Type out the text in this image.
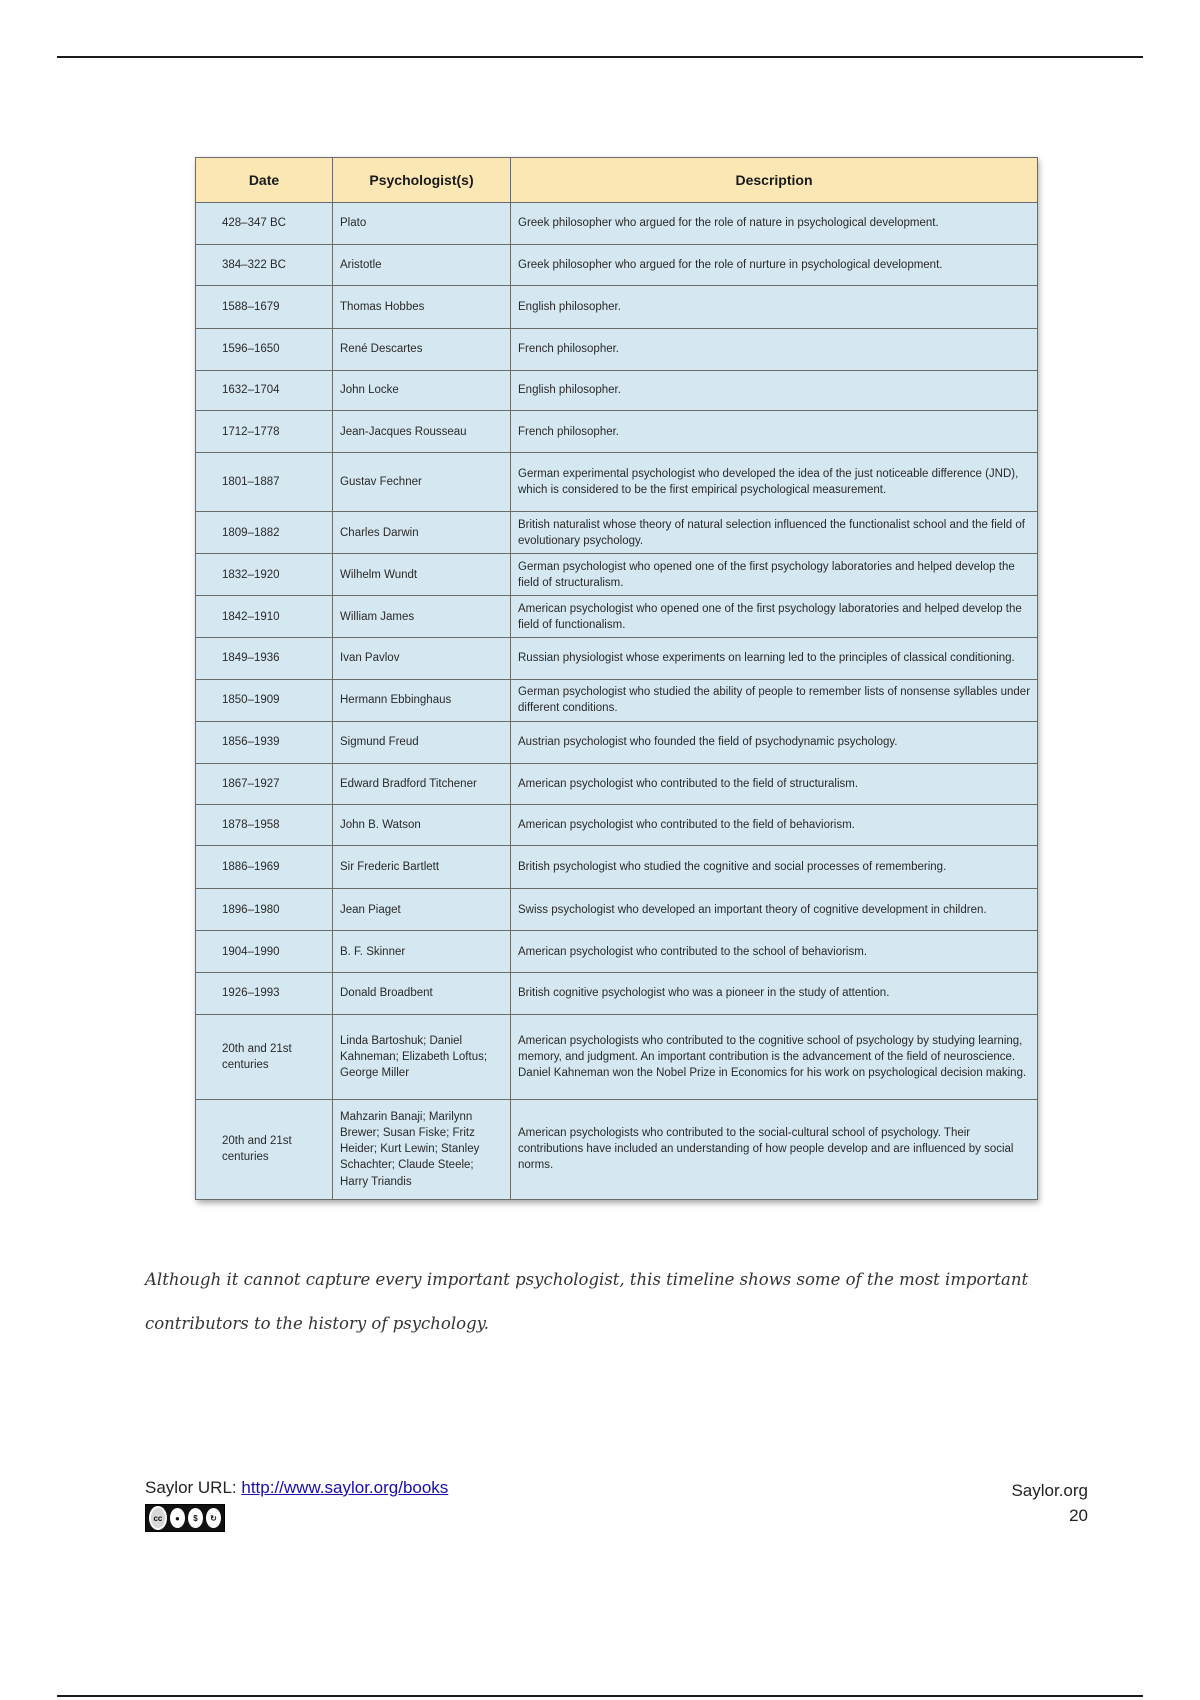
Date	Psychologist(s)	Description
428–347 BC	Plato	Greek philosopher who argued for the role of nature in psychological development.
384–322 BC	Aristotle	Greek philosopher who argued for the role of nurture in psychological development.
1588–1679	Thomas Hobbes	English philosopher.
1596–1650	René Descartes	French philosopher.
1632–1704	John Locke	English philosopher.
1712–1778	Jean-Jacques Rousseau	French philosopher.
1801–1887	Gustav Fechner	German experimental psychologist who developed the idea of the just noticeable difference (JND), which is considered to be the first empirical psychological measurement.
1809–1882	Charles Darwin	British naturalist whose theory of natural selection influenced the functionalist school and the field of evolutionary psychology.
1832–1920	Wilhelm Wundt	German psychologist who opened one of the first psychology laboratories and helped develop the field of structuralism.
1842–1910	William James	American psychologist who opened one of the first psychology laboratories and helped develop the field of functionalism.
1849–1936	Ivan Pavlov	Russian physiologist whose experiments on learning led to the principles of classical conditioning.
1850–1909	Hermann Ebbinghaus	German psychologist who studied the ability of people to remember lists of nonsense syllables under different conditions.
1856–1939	Sigmund Freud	Austrian psychologist who founded the field of psychodynamic psychology.
1867–1927	Edward Bradford Titchener	American psychologist who contributed to the field of structuralism.
1878–1958	John B. Watson	American psychologist who contributed to the field of behaviorism.
1886–1969	Sir Frederic Bartlett	British psychologist who studied the cognitive and social processes of remembering.
1896–1980	Jean Piaget	Swiss psychologist who developed an important theory of cognitive development in children.
1904–1990	B. F. Skinner	American psychologist who contributed to the school of behaviorism.
1926–1993	Donald Broadbent	British cognitive psychologist who was a pioneer in the study of attention.
20th and 21st centuries	Linda Bartoshuk; Daniel Kahneman; Elizabeth Loftus; George Miller	American psychologists who contributed to the cognitive school of psychology by studying learning, memory, and judgment. An important contribution is the advancement of the field of neuroscience. Daniel Kahneman won the Nobel Prize in Economics for his work on psychological decision making.
20th and 21st centuries	Mahzarin Banaji; Marilynn Brewer; Susan Fiske; Fritz Heider; Kurt Lewin; Stanley Schachter; Claude Steele; Harry Triandis	American psychologists who contributed to the social-cultural school of psychology. Their contributions have included an understanding of how people develop and are influenced by social norms.
Although it cannot capture every important psychologist, this timeline shows some of the most important contributors to the history of psychology.
Saylor URL: http://www.saylor.org/books
cc	●	$	↻
Saylor.org
20
